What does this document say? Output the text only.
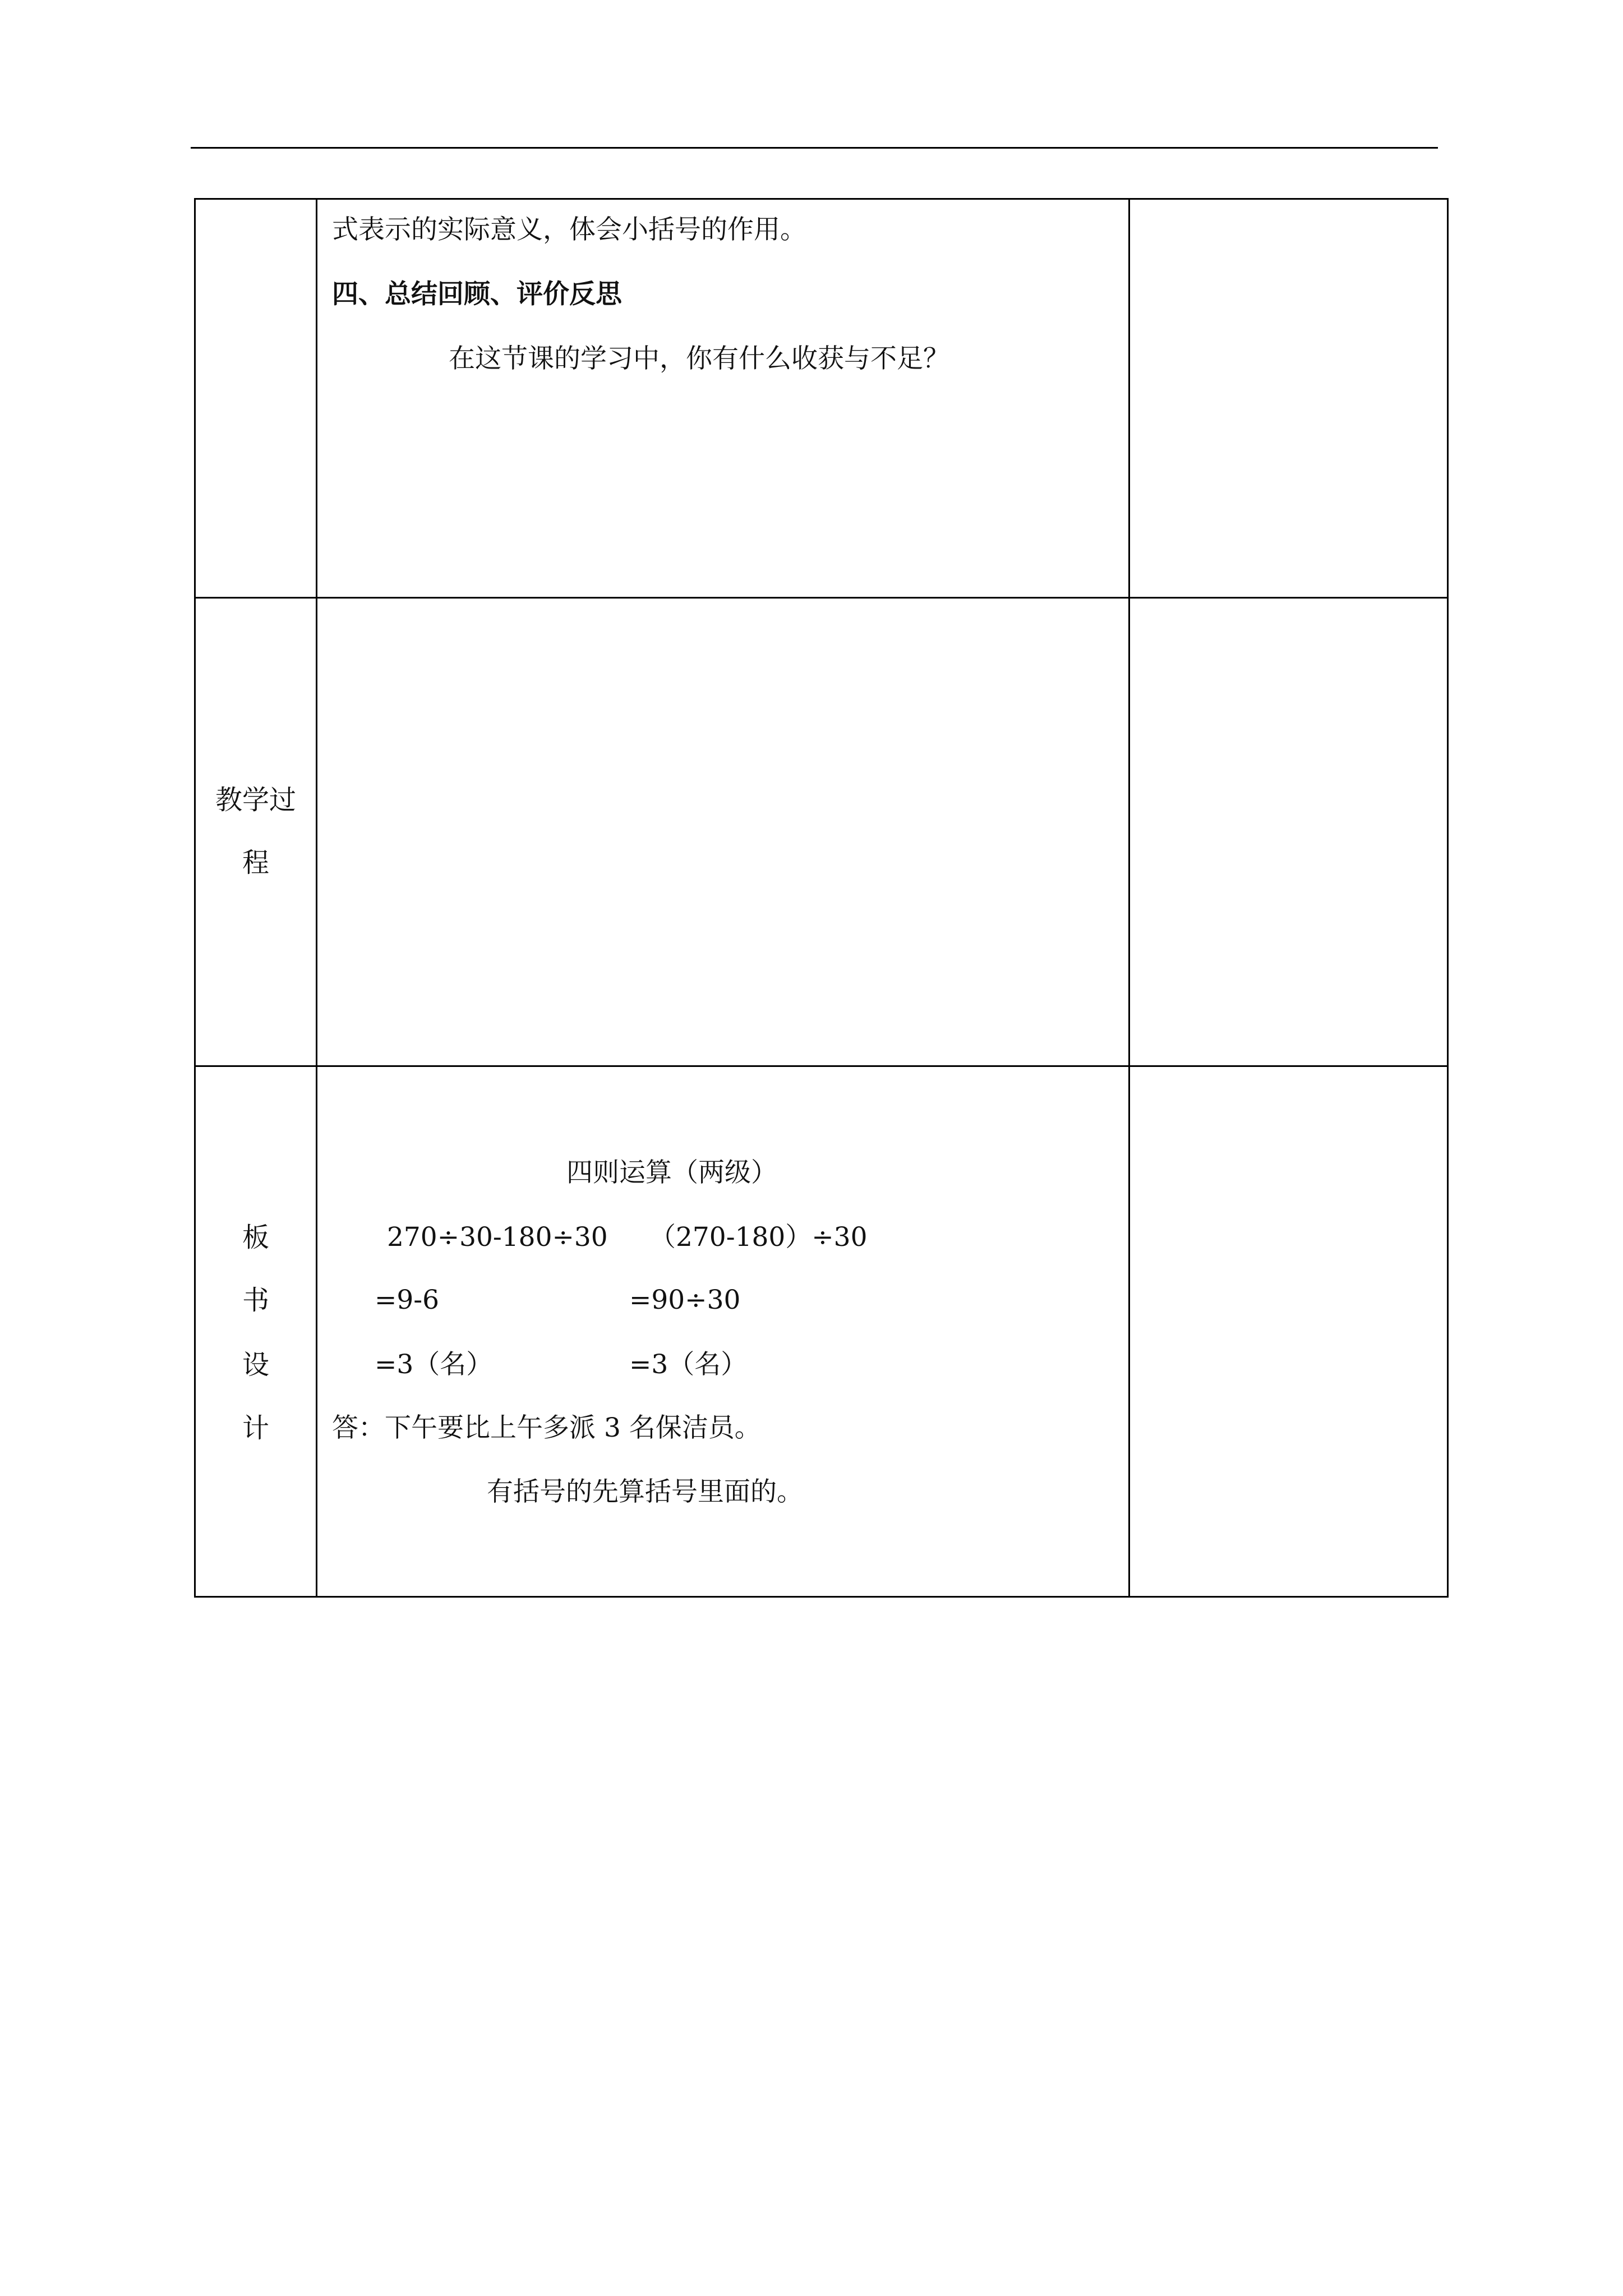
式表示的实际意义，体会小括号的作用。
四、总结回顾、评价反思
在这节课的学习中，你有什么收获与不足？
教学过
程
板
书
设
计
四则运算（两级）
270÷30-180÷30 （270-180）÷30
=9-6	=90÷30
=3（名）	=3（名）
答：下午要比上午多派 3 名保洁员。
有括号的先算括号里面的。
